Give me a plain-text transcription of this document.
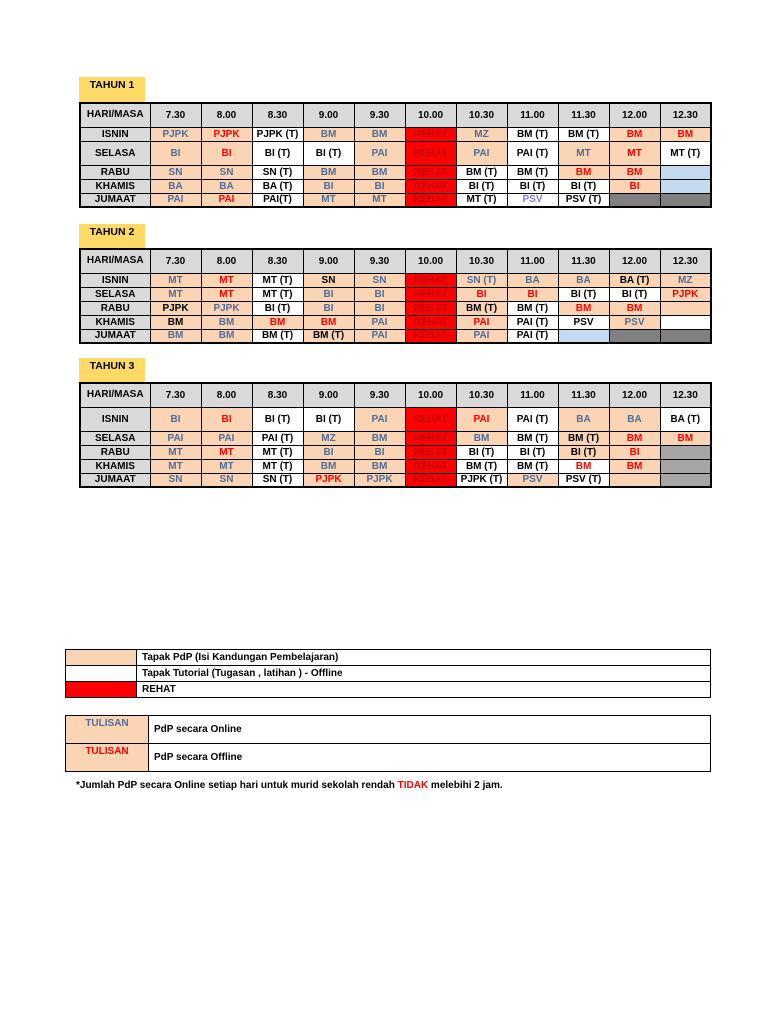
TAHUN 1
HARI/MASA	7.30	8.00	8.30	9.00	9.30	10.00	10.30	11.00	11.30	12.00	12.30
ISNIN	PJPK	PJPK	PJPK (T)	BM	BM	REHAT	MZ	BM (T)	BM (T)	BM	BM
SELASA	BI	BI	BI (T)	BI (T)	PAI	REHAT	PAI	PAI (T)	MT	MT	MT (T)
RABU	SN	SN	SN (T)	BM	BM	REHAT	BM (T)	BM (T)	BM	BM	
KHAMIS	BA	BA	BA (T)	BI	BI	REHAT	BI (T)	BI (T)	BI (T)	BI	
JUMAAT	PAI	PAI	PAI(T)	MT	MT	REHAT	MT (T)	PSV	PSV (T)		
TAHUN 2
HARI/MASA	7.30	8.00	8.30	9.00	9.30	10.00	10.30	11.00	11.30	12.00	12.30
ISNIN	MT	MT	MT (T)	SN	SN	REHAT	SN (T)	BA	BA	BA (T)	MZ
SELASA	MT	MT	MT (T)	BI	BI	REHAT	BI	BI	BI (T)	BI (T)	PJPK
RABU	PJPK	PJPK	BI (T)	BI	BI	REHAT	BM (T)	BM (T)	BM	BM	
KHAMIS	BM	BM	BM	BM	PAI	REHAT	PAI	PAI (T)	PSV	PSV	
JUMAAT	BM	BM	BM (T)	BM (T)	PAI	REHAT	PAI	PAI (T)			
TAHUN 3
HARI/MASA	7.30	8.00	8.30	9.00	9.30	10.00	10.30	11.00	11.30	12.00	12.30
ISNIN	BI	BI	BI (T)	BI (T)	PAI	REHAT	PAI	PAI (T)	BA	BA	BA (T)
SELASA	PAI	PAI	PAI (T)	MZ	BM	REHAT	BM	BM (T)	BM (T)	BM	BM
RABU	MT	MT	MT (T)	BI	BI	REHAT	BI (T)	BI (T)	BI (T)	BI	
KHAMIS	MT	MT	MT (T)	BM	BM	REHAT	BM (T)	BM (T)	BM	BM	
JUMAAT	SN	SN	SN (T)	PJPK	PJPK	REHAT	PJPK (T)	PSV	PSV (T)		
	Tapak PdP (Isi Kandungan Pembelajaran)
	Tapak Tutorial (Tugasan , latihan ) - Offline
	REHAT
TULISAN	PdP secara Online
TULISAN	PdP secara Offline
*Jumlah PdP secara Online setiap hari untuk murid sekolah rendah TIDAK melebihi 2 jam.
